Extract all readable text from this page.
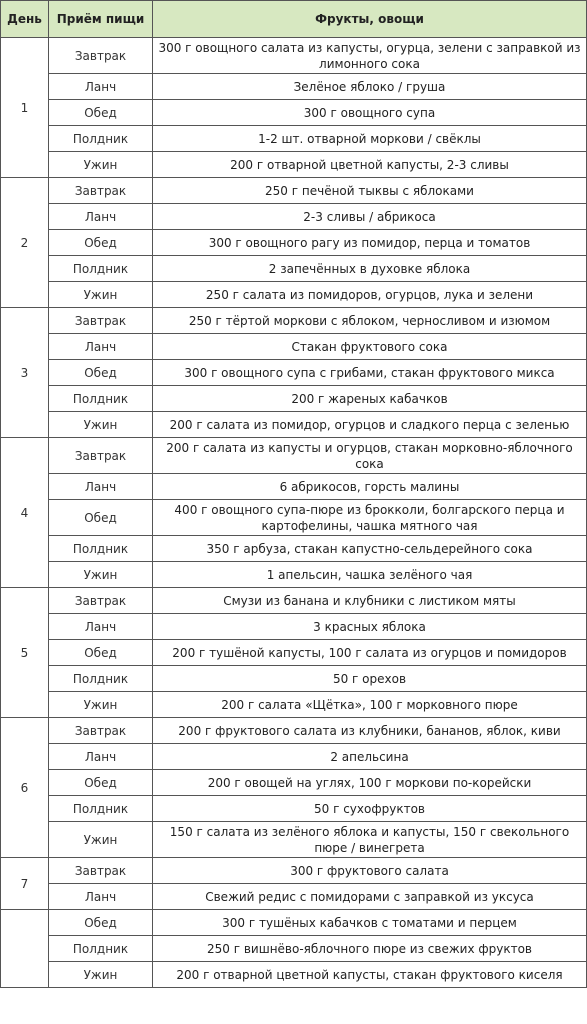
День	Приём пищи	Фрукты, овощи
1	Завтрак	300 г овощного салата из капусты, огурца, зелени с заправкой из лимонного сока
	Ланч	Зелёное яблоко / груша
	Обед	300 г овощного супа
	Полдник	1-2 шт. отварной моркови / свёклы
	Ужин	200 г отварной цветной капусты, 2-3 сливы
2	Завтрак	250 г печёной тыквы с яблоками
	Ланч	2-3 сливы / абрикоса
	Обед	300 г овощного рагу из помидор, перца и томатов
	Полдник	2 запечённых в духовке яблока
	Ужин	250 г салата из помидоров, огурцов, лука и зелени
3	Завтрак	250 г тёртой моркови с яблоком, черносливом и изюмом
	Ланч	Стакан фруктового сока
	Обед	300 г овощного супа с грибами, стакан фруктового микса
	Полдник	200 г жареных кабачков
	Ужин	200 г салата из помидор, огурцов и сладкого перца с зеленью
4	Завтрак	200 г салата из капусты и огурцов, стакан морковно-яблочного сока
	Ланч	6 абрикосов, горсть малины
	Обед	400 г овощного супа-пюре из брокколи, болгарского перца и картофелины, чашка мятного чая
	Полдник	350 г арбуза, стакан капустно-сельдерейного сока
	Ужин	1 апельсин, чашка зелёного чая
5	Завтрак	Смузи из банана и клубники с листиком мяты
	Ланч	3 красных яблока
	Обед	200 г тушёной капусты, 100 г салата из огурцов и помидоров
	Полдник	50 г орехов
	Ужин	200 г салата «Щётка», 100 г морковного пюре
6	Завтрак	200 г фруктового салата из клубники, бананов, яблок, киви
	Ланч	2 апельсина
	Обед	200 г овощей на углях, 100 г моркови по-корейски
	Полдник	50 г сухофруктов
	Ужин	150 г салата из зелёного яблока и капусты, 150 г свекольного пюре / винегрета
7	Завтрак	300 г фруктового салата
	Ланч	Свежий редис с помидорами с заправкой из уксуса
	Обед	300 г тушёных кабачков с томатами и перцем
	Полдник	250 г вишнёво-яблочного пюре из свежих фруктов
	Ужин	200 г отварной цветной капусты, стакан фруктового киселя
